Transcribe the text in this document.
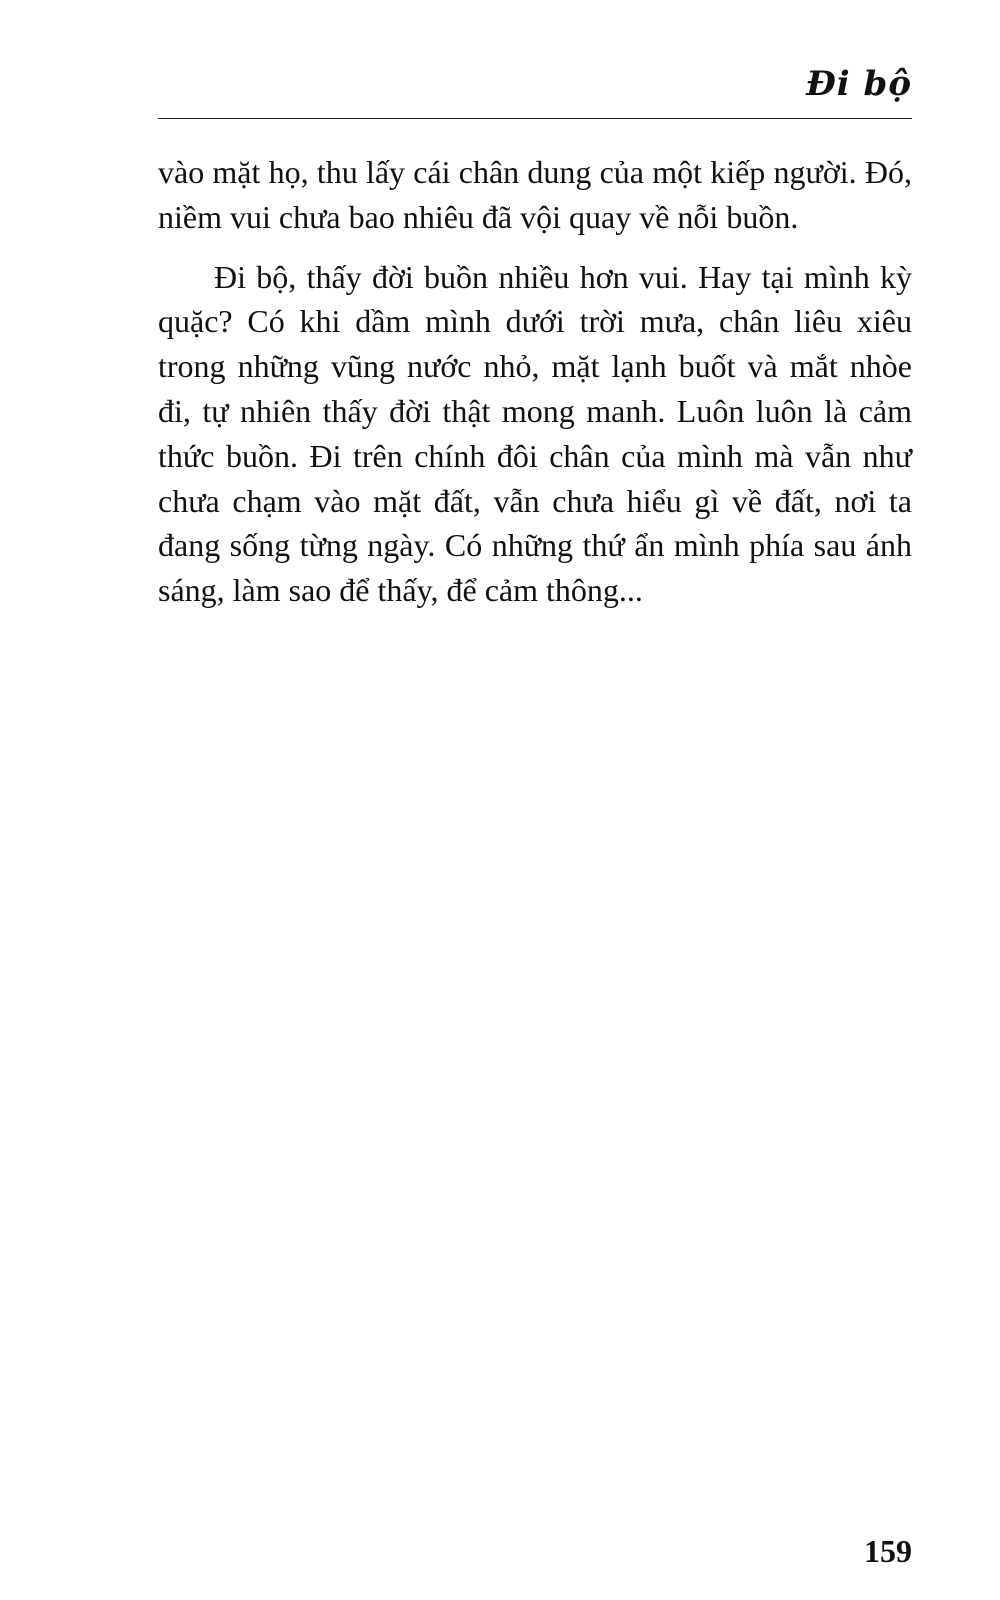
Đi bộ

vào mặt họ, thu lấy cái chân dung của một kiếp người. Đó, niềm vui chưa bao nhiêu đã vội quay về nỗi buồn.

Đi bộ, thấy đời buồn nhiều hơn vui. Hay tại mình kỳ quặc? Có khi dầm mình dưới trời mưa, chân liêu xiêu trong những vũng nước nhỏ, mặt lạnh buốt và mắt nhòe đi, tự nhiên thấy đời thật mong manh. Luôn luôn là cảm thức buồn. Đi trên chính đôi chân của mình mà vẫn như chưa chạm vào mặt đất, vẫn chưa hiểu gì về đất, nơi ta đang sống từng ngày. Có những thứ ẩn mình phía sau ánh sáng, làm sao để thấy, để cảm thông...

159
